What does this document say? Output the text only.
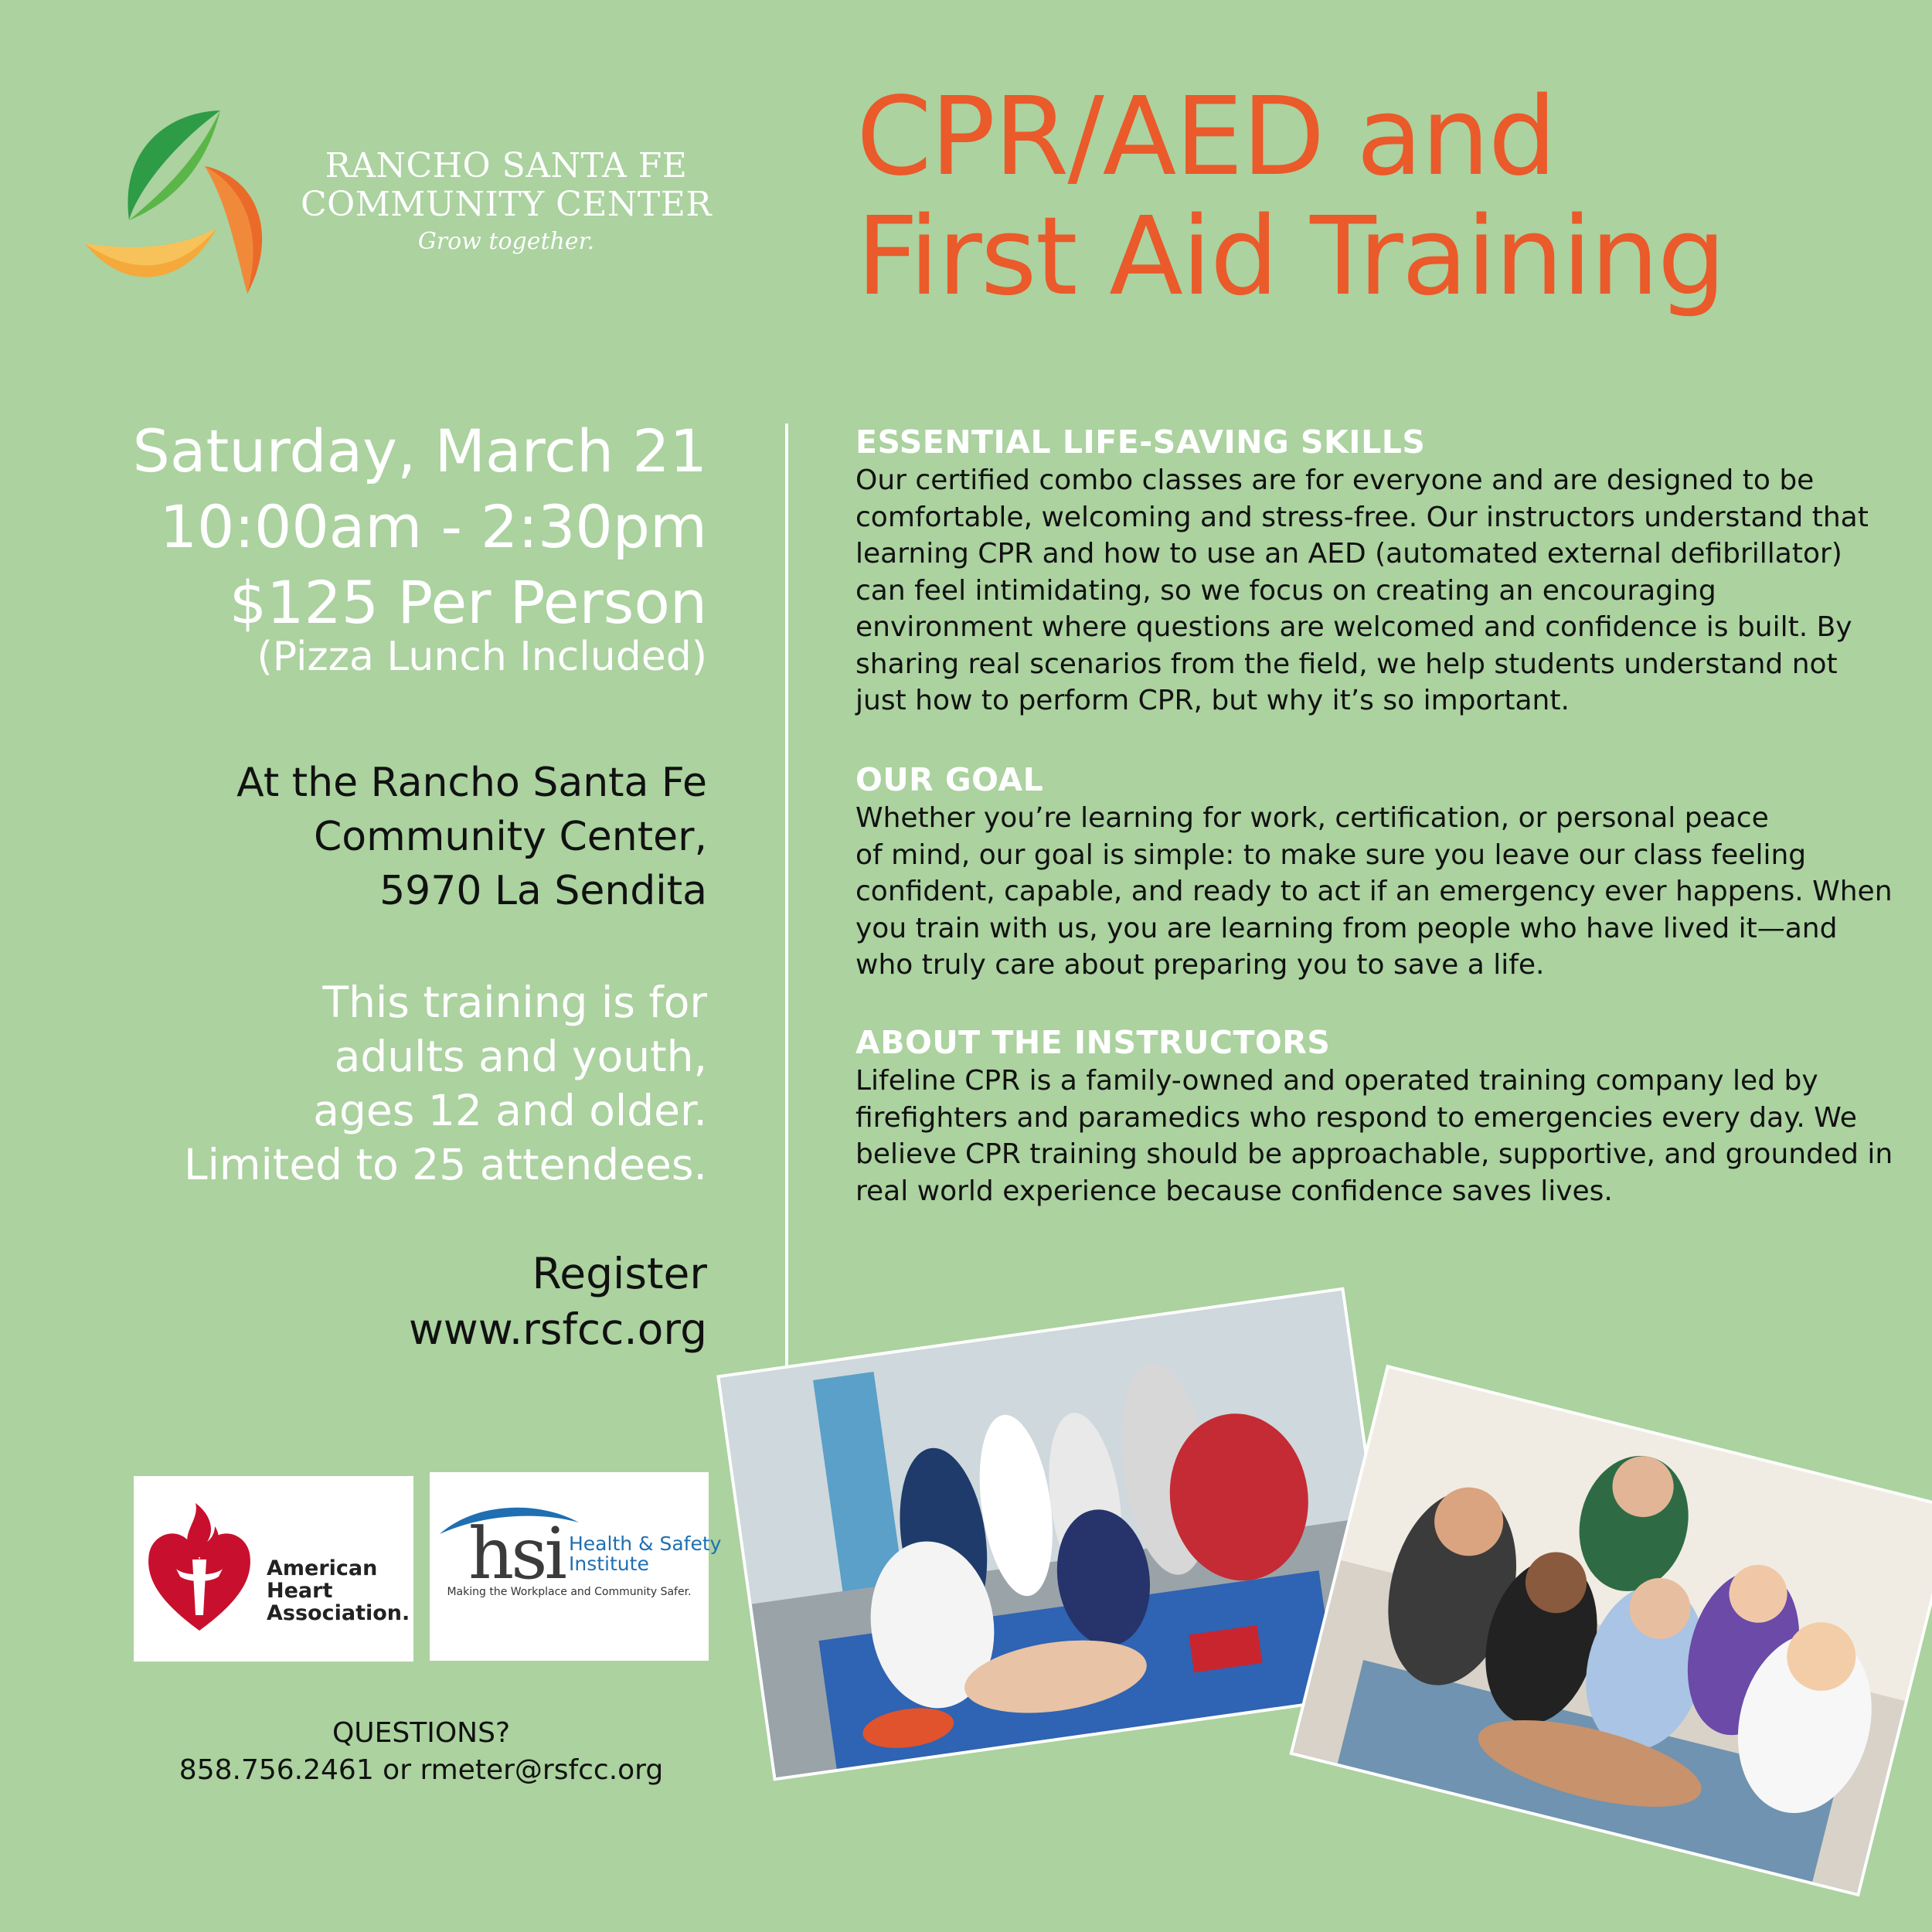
RANCHO SANTA FE
COMMUNITY CENTER
Grow together.
CPR/AED and
First Aid Training
Saturday, March 21
10:00am - 2:30pm
$125 Per Person
(Pizza Lunch Included)
At the Rancho Santa Fe
Community Center,
5970 La Sendita
This training is for
adults and youth,
ages 12 and older.
Limited to 25 attendees.
Register
www.rsfcc.org
ESSENTIAL LIFE-SAVING SKILLS
Our certified combo classes are for everyone and are designed to be
comfortable, welcoming and stress-free. Our instructors understand that
learning CPR and how to use an AED (automated external defibrillator)
can feel intimidating, so we focus on creating an encouraging
environment where questions are welcomed and confidence is built. By
sharing real scenarios from the field, we help students understand not
just how to perform CPR, but why it’s so important.
OUR GOAL
Whether you’re learning for work, certification, or personal peace
of mind, our goal is simple: to make sure you leave our class feeling
confident, capable, and ready to act if an emergency ever happens. When
you train with us, you are learning from people who have lived it—and
who truly care about preparing you to save a life.
ABOUT THE INSTRUCTORS
Lifeline CPR is a family-owned and operated training company led by
firefighters and paramedics who respond to emergencies every day. We
believe CPR training should be approachable, supportive, and grounded in
real world experience because confidence saves lives.
American
Heart
Association.
hsi Health & Safety
Institute
Making the Workplace and Community Safer.
QUESTIONS?
858.756.2461 or rmeter@rsfcc.org
